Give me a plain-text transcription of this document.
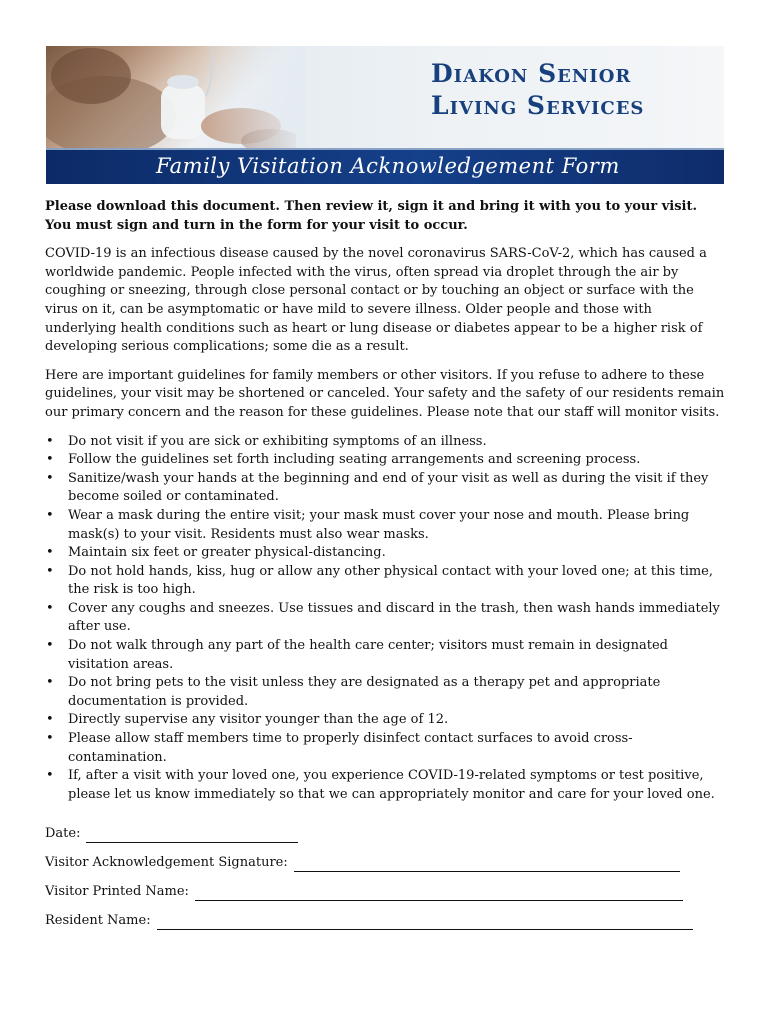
Diakon Senior
Living Services
Family Visitation Acknowledgement Form

Please download this document. Then review it, sign it and bring it with you to your visit. You must sign and turn in the form for your visit to occur.

COVID-19 is an infectious disease caused by the novel coronavirus SARS-CoV-2, which has caused a worldwide pandemic. People infected with the virus, often spread via droplet through the air by coughing or sneezing, through close personal contact or by touching an object or surface with the virus on it, can be asymptomatic or have mild to severe illness. Older people and those with underlying health conditions such as heart or lung disease or diabetes appear to be a higher risk of developing serious complications; some die as a result.

Here are important guidelines for family members or other visitors. If you refuse to adhere to these guidelines, your visit may be shortened or canceled. Your safety and the safety of our residents remain our primary concern and the reason for these guidelines. Please note that our staff will monitor visits.

• Do not visit if you are sick or exhibiting symptoms of an illness.
• Follow the guidelines set forth including seating arrangements and screening process.
• Sanitize/wash your hands at the beginning and end of your visit as well as during the visit if they become soiled or contaminated.
• Wear a mask during the entire visit; your mask must cover your nose and mouth. Please bring mask(s) to your visit. Residents must also wear masks.
• Maintain six feet or greater physical-distancing.
• Do not hold hands, kiss, hug or allow any other physical contact with your loved one; at this time, the risk is too high.
• Cover any coughs and sneezes. Use tissues and discard in the trash, then wash hands immediately after use.
• Do not walk through any part of the health care center; visitors must remain in designated visitation areas.
• Do not bring pets to the visit unless they are designated as a therapy pet and appropriate documentation is provided.
• Directly supervise any visitor younger than the age of 12.
• Please allow staff members time to properly disinfect contact surfaces to avoid cross-contamination.
• If, after a visit with your loved one, you experience COVID-19-related symptoms or test positive, please let us know immediately so that we can appropriately monitor and care for your loved one.
Date:
Visitor Acknowledgement Signature:
Visitor Printed Name:
Resident Name:
